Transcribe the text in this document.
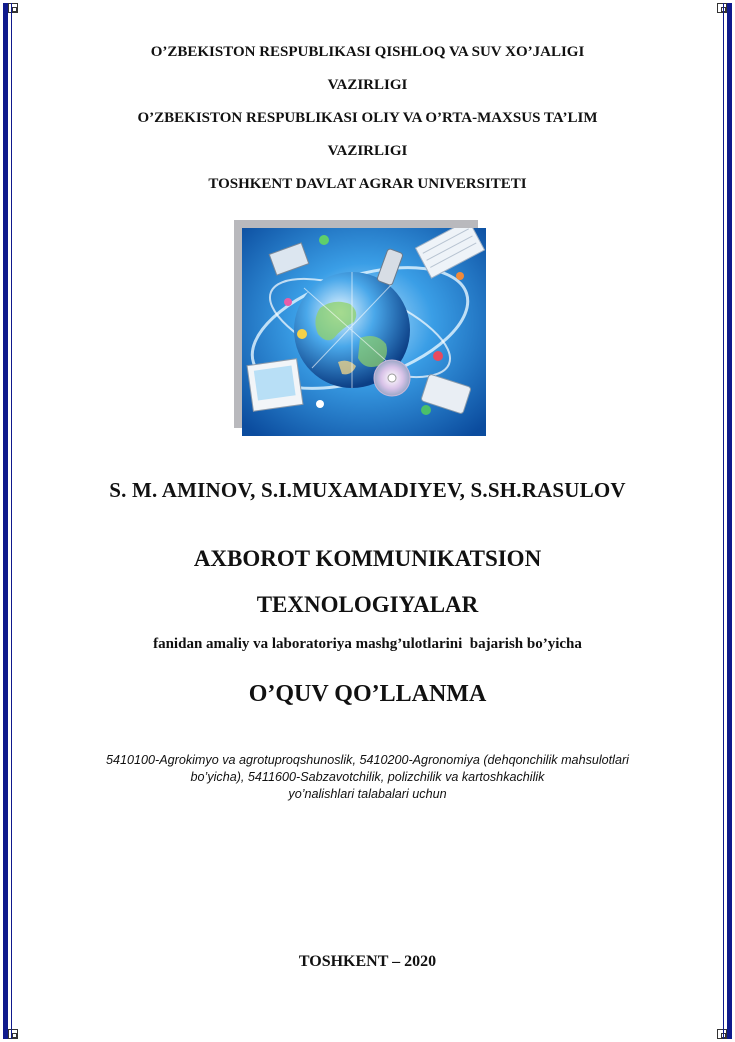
O’ZBEKISTON RESPUBLIKASI QISHLOQ VA SUV XO’JALIGI
VAZIRLIGI
O’ZBEKISTON RESPUBLIKASI OLIY VA O’RTA-MAXSUS TA’LIM
VAZIRLIGI
TOSHKENT DAVLAT AGRAR UNIVERSITETI
S. M. AMINOV, S.I.MUXAMADIYEV, S.SH.RASULOV
AXBOROT KOMMUNIKATSION
TEXNOLOGIYALAR
fanidan amaliy va laboratoriya mashg’ulotlarini  bajarish bo’yicha
O’QUV QO’LLANMA
5410100-Agrokimyo va agrotuproqshunoslik, 5410200-Agronomiya (dehqonchilik mahsulotlari
bo’yicha), 5411600-Sabzavotchilik, polizchilik va kartoshkachilik
yo’nalishlari talabalari uchun
TOSHKENT – 2020
